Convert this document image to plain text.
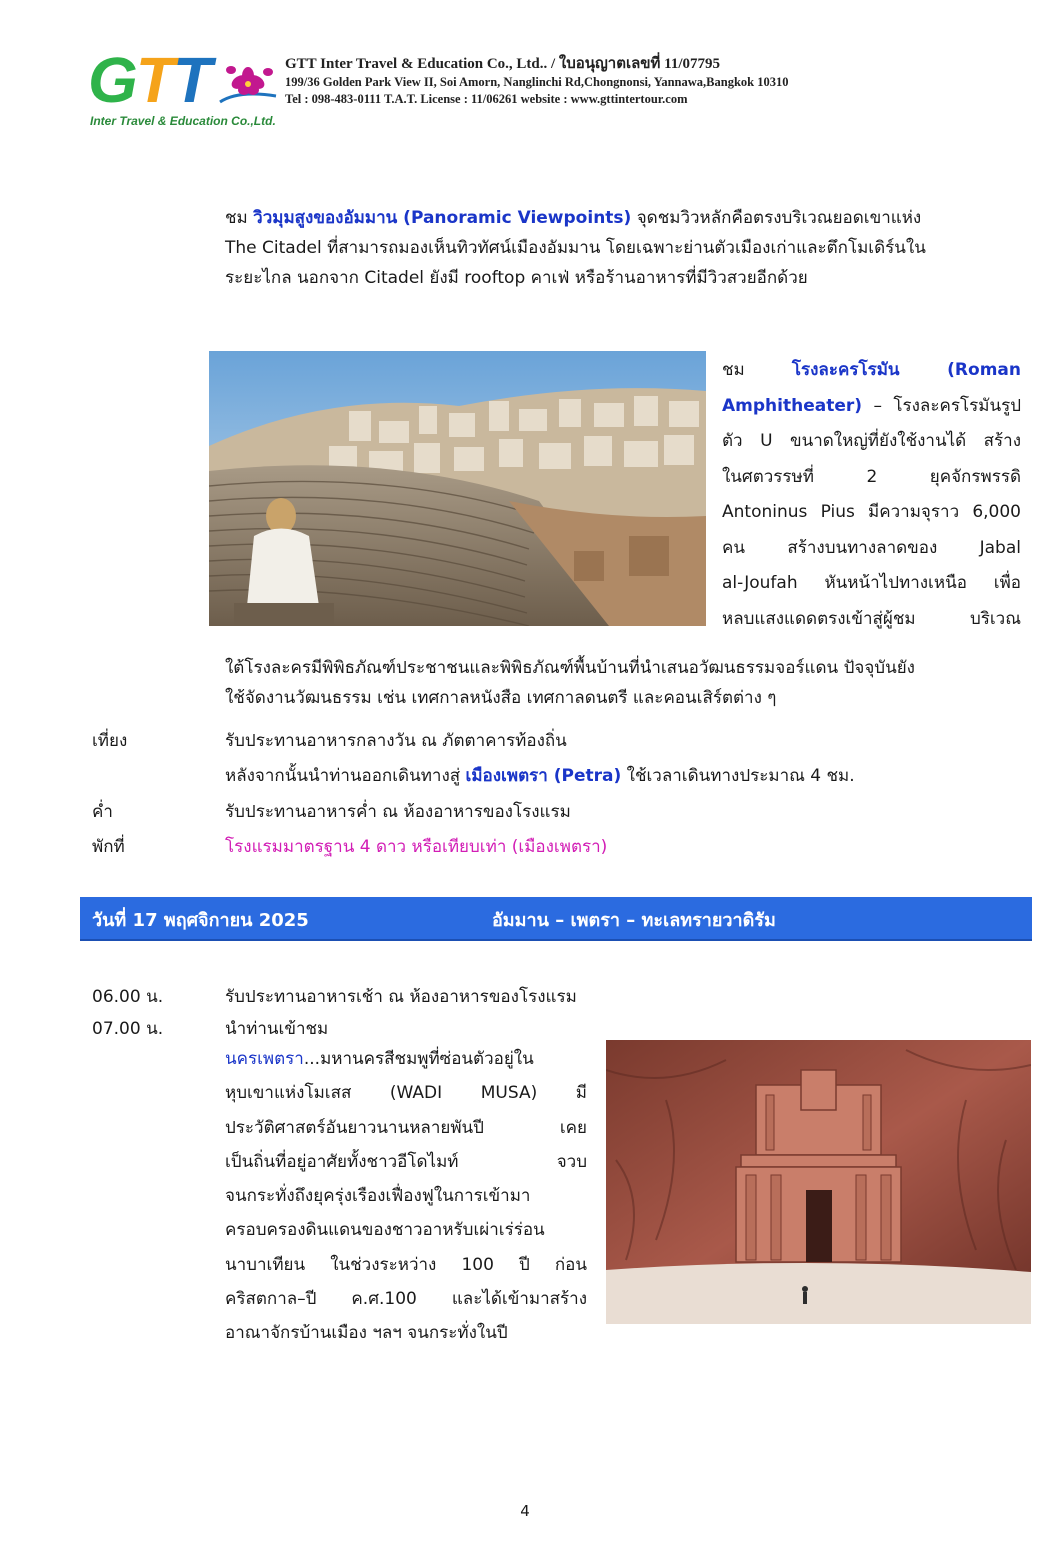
GTT
Inter Travel & Education Co.,Ltd.
GTT Inter Travel & Education Co., Ltd.. / ใบอนุญาตเลขที่ 11/07795
199/36 Golden Park View II, Soi Amorn, Nanglinchi Rd,Chongnonsi, Yannawa,Bangkok 10310
Tel : 098-483-0111 T.A.T. License : 11/06261 website : www.gttintertour.com
ชม วิวมุมสูงของอัมมาน (Panoramic Viewpoints) จุดชมวิวหลักคือตรงบริเวณยอดเขาแห่ง
The Citadel ที่สามารถมองเห็นทิวทัศน์เมืองอัมมาน โดยเฉพาะย่านตัวเมืองเก่าและตึกโมเดิร์นใน
ระยะไกล นอกจาก Citadel ยังมี rooftop คาเฟ่ หรือร้านอาหารที่มีวิวสวยอีกด้วย
ชม โรงละครโรมัน (Roman
Amphitheater) – โรงละครโรมันรูป
ตัว U ขนาดใหญ่ที่ยังใช้งานได้ สร้าง
ในศตวรรษที่ 2 ยุคจักรพรรดิ
Antoninus Pius มีความจุราว 6,000
คน สร้างบนทางลาดของ Jabal
al-Joufah หันหน้าไปทางเหนือ เพื่อ
หลบแสงแดดตรงเข้าสู่ผู้ชม บริเวณ
ใต้โรงละครมีพิพิธภัณฑ์ประชาชนและพิพิธภัณฑ์พื้นบ้านที่นำเสนอวัฒนธรรมจอร์แดน ปัจจุบันยัง
ใช้จัดงานวัฒนธรรม เช่น เทศกาลหนังสือ เทศกาลดนตรี และคอนเสิร์ตต่าง ๆ
เที่ยง	รับประทานอาหารกลางวัน ณ ภัตตาคารท้องถิ่น
หลังจากนั้นนำท่านออกเดินทางสู่ เมืองเพตรา (Petra) ใช้เวลาเดินทางประมาณ 4 ชม.
ค่ำ	รับประทานอาหารค่ำ ณ ห้องอาหารของโรงแรม
พักที่	โรงแรมมาตรฐาน 4 ดาว หรือเทียบเท่า (เมืองเพตรา)
วันที่ 17 พฤศจิกายน 2025	อัมมาน – เพตรา – ทะเลทรายวาดิรัม
06.00 น.	รับประทานอาหารเช้า ณ ห้องอาหารของโรงแรม
07.00 น.	นำท่านเข้าชม
นครเพตรา...มหานครสีชมพูที่ซ่อนตัวอยู่ใน
หุบเขาแห่งโมเสส (WADI MUSA) มี
ประวัติศาสตร์อันยาวนานหลายพันปี เคย
เป็นถิ่นที่อยู่อาศัยทั้งชาวอีโดไมท์ จวบ
จนกระทั่งถึงยุครุ่งเรืองเฟื่องฟูในการเข้ามา
ครอบครองดินแดนของชาวอาหรับเผ่าเร่ร่อน
นาบาเทียน ในช่วงระหว่าง 100 ปี ก่อน
คริสตกาล–ปี ค.ศ.100 และได้เข้ามาสร้าง
อาณาจักรบ้านเมือง ฯลฯ จนกระทั่งในปี
4
